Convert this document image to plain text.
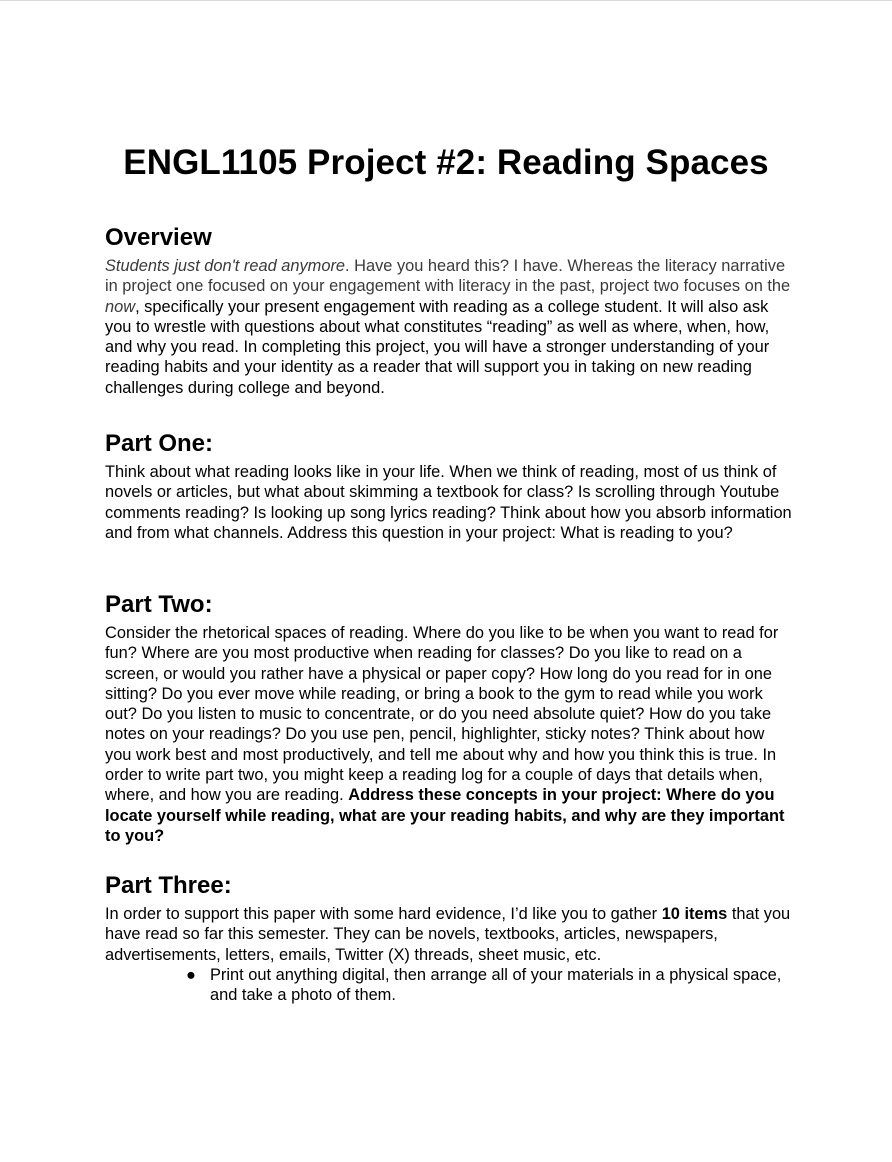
ENGL1105 Project #2: Reading Spaces
Overview

Students just don't read anymore. Have you heard this? I have. Whereas the literacy narrative in project one focused on your engagement with literacy in the past, project two focuses on the now, specifically your present engagement with reading as a college student. It will also ask you to wrestle with questions about what constitutes “reading” as well as where, when, how, and why you read. In completing this project, you will have a stronger understanding of your reading habits and your identity as a reader that will support you in taking on new reading challenges during college and beyond.

Part One:

Think about what reading looks like in your life. When we think of reading, most of us think of novels or articles, but what about skimming a textbook for class? Is scrolling through Youtube comments reading? Is looking up song lyrics reading? Think about how you absorb information and from what channels. Address this question in your project: What is reading to you?

Part Two:

Consider the rhetorical spaces of reading. Where do you like to be when you want to read for fun? Where are you most productive when reading for classes? Do you like to read on a screen, or would you rather have a physical or paper copy? How long do you read for in one sitting? Do you ever move while reading, or bring a book to the gym to read while you work out? Do you listen to music to concentrate, or do you need absolute quiet? How do you take notes on your readings? Do you use pen, pencil, highlighter, sticky notes? Think about how you work best and most productively, and tell me about why and how you think this is true. In order to write part two, you might keep a reading log for a couple of days that details when, where, and how you are reading. Address these concepts in your project: Where do you locate yourself while reading, what are your reading habits, and why are they important to you?

Part Three:

In order to support this paper with some hard evidence, I’d like you to gather 10 items that you have read so far this semester. They can be novels, textbooks, articles, newspapers, advertisements, letters, emails, Twitter (X) threads, sheet music, etc.

● Print out anything digital, then arrange all of your materials in a physical space, and take a photo of them.
